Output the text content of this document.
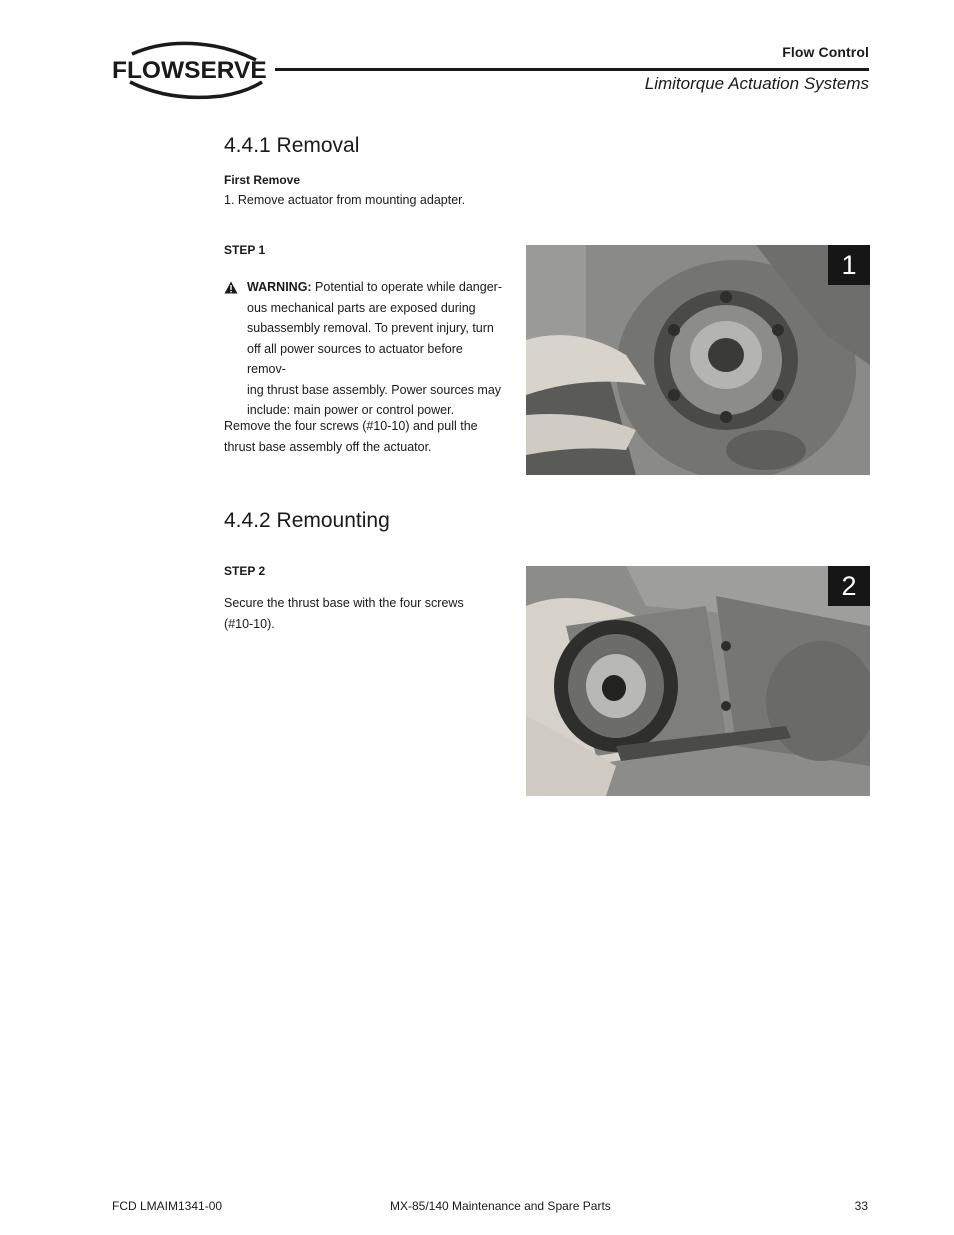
FLOWSERVE
Flow Control
Limitorque Actuation Systems
4.4.1 Removal
First Remove
1. Remove actuator from mounting adapter.
STEP 1
WARNING: Potential to operate while danger-
ous mechanical parts are exposed during
subassembly removal. To prevent injury, turn
off all power sources to actuator before remov-
ing thrust base assembly. Power sources may
include: main power or control power.
Remove the four screws (#10-10) and pull the
thrust base assembly off the actuator.
1
4.4.2 Remounting
STEP 2
Secure the thrust base with the four screws
(#10-10).
2
FCD LMAIM1341-00	MX-85/140 Maintenance and Spare Parts	33
